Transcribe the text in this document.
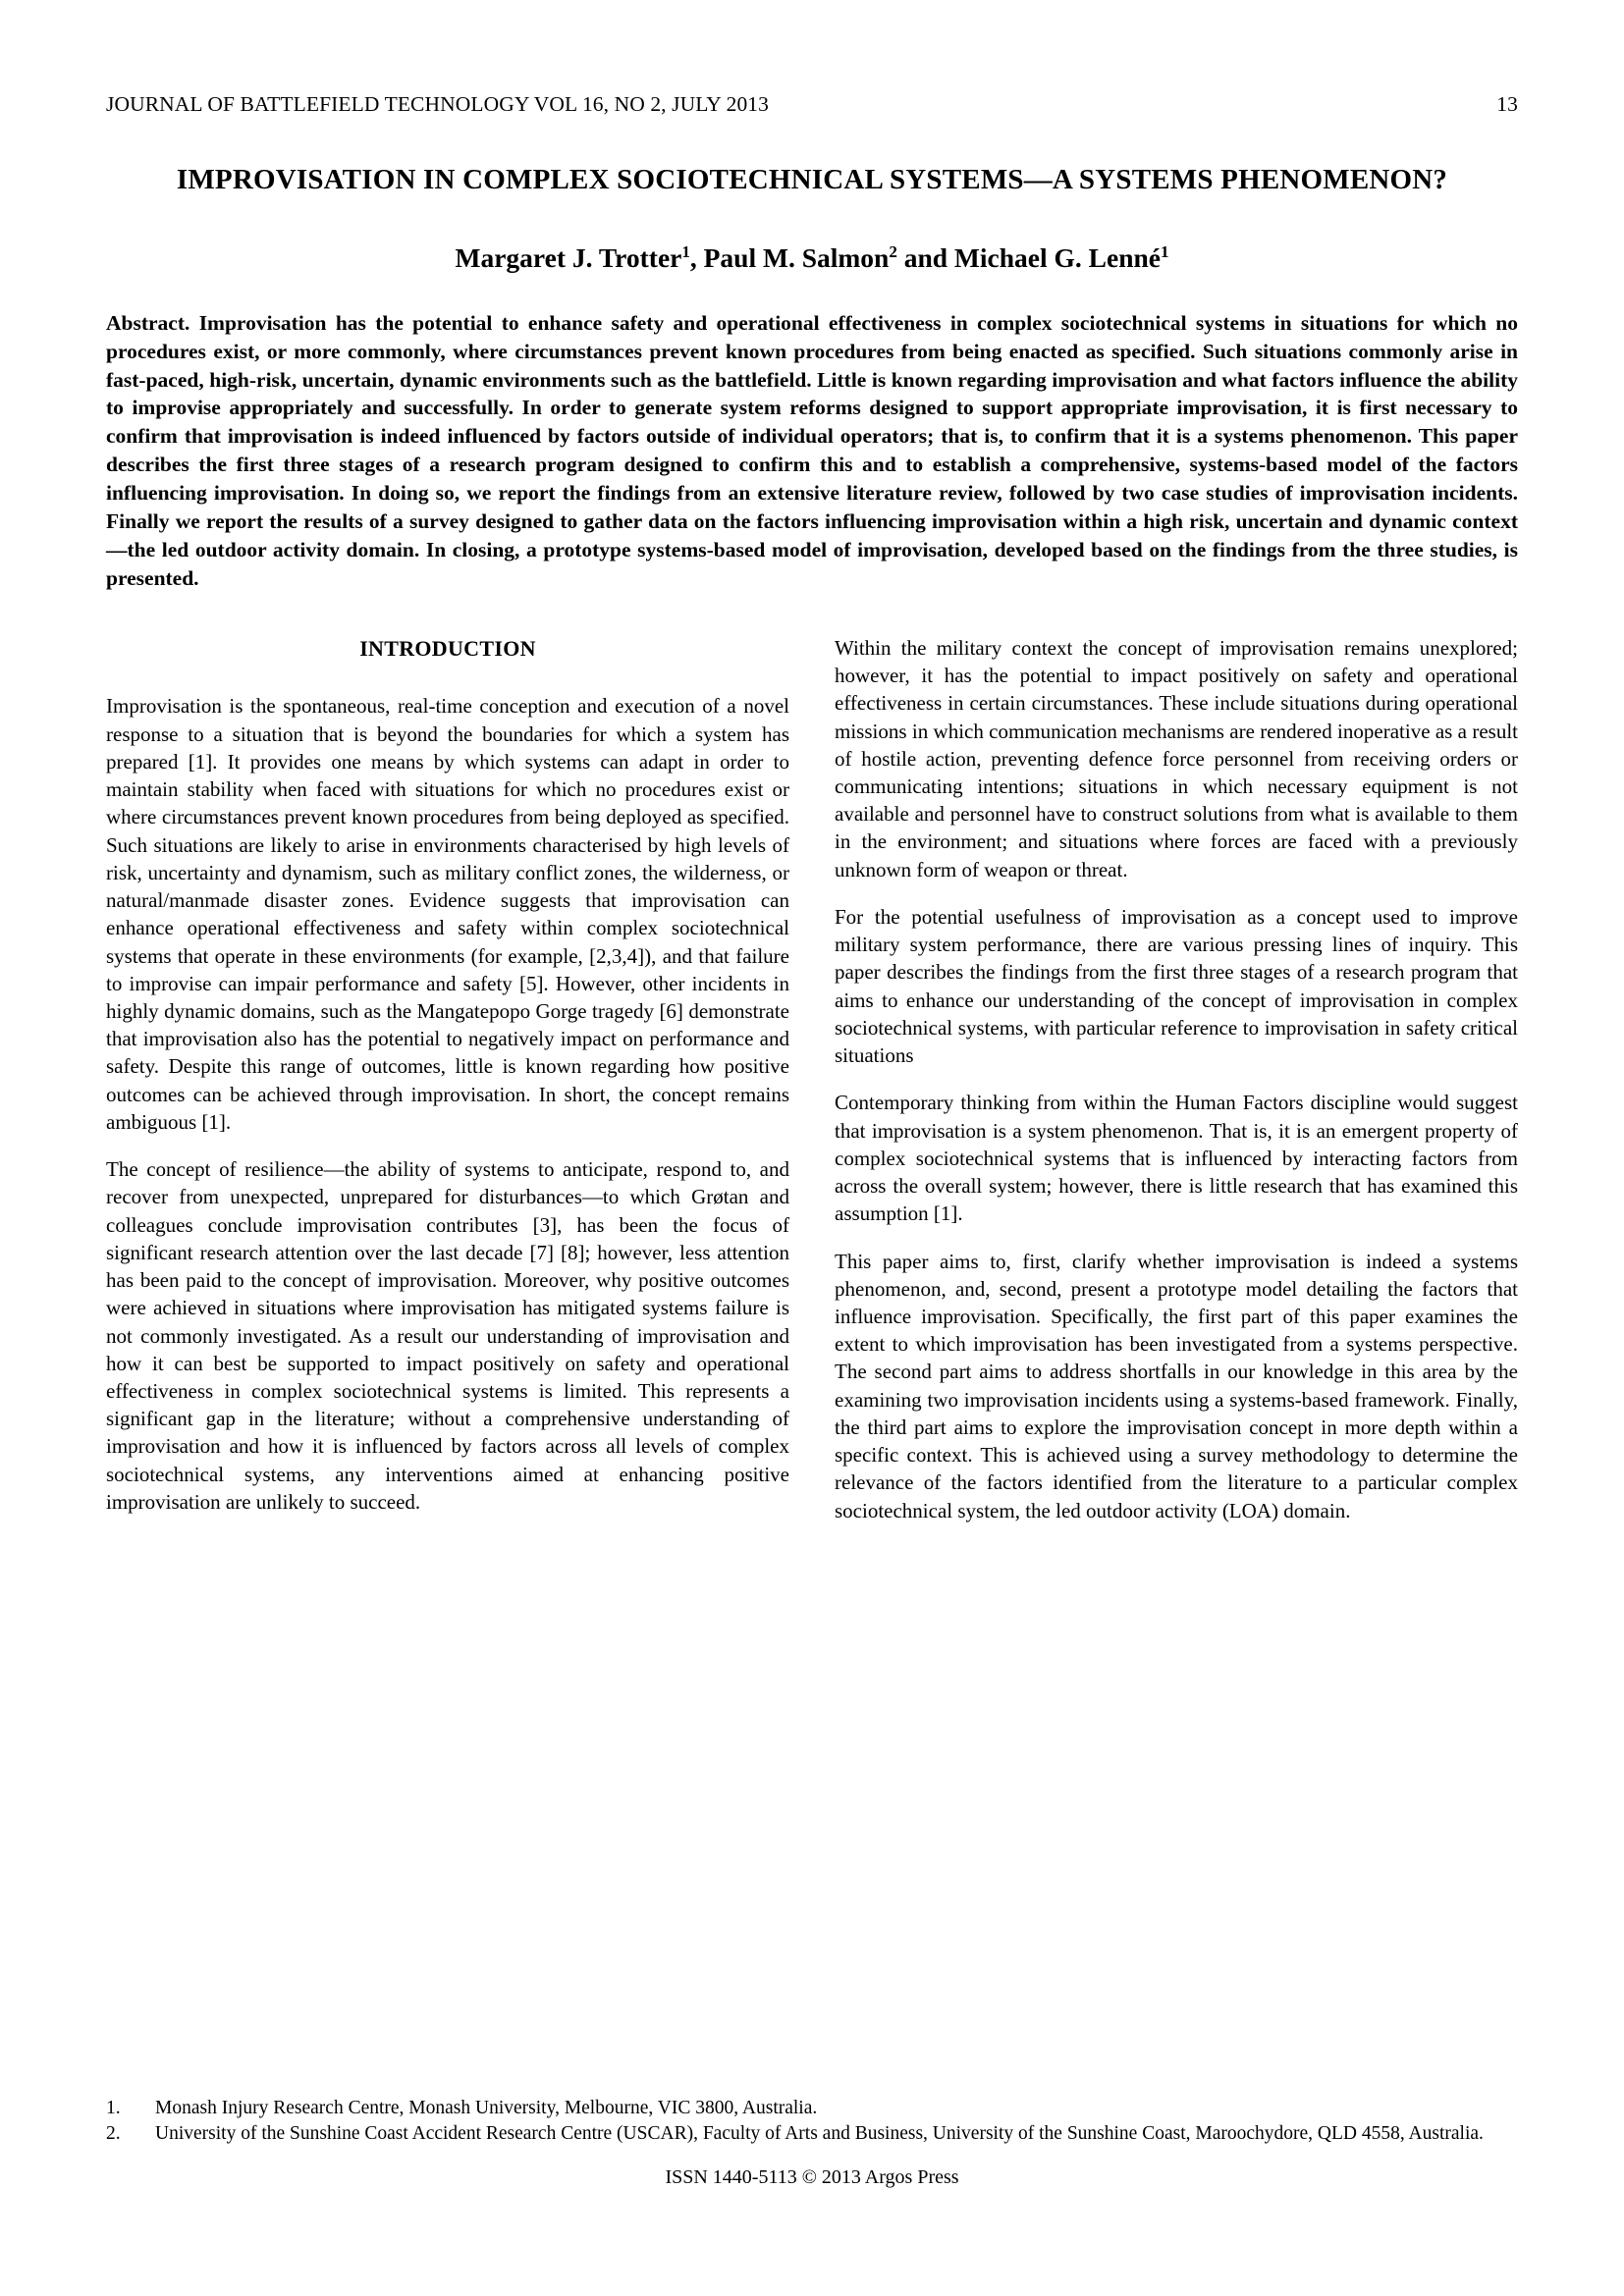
JOURNAL OF BATTLEFIELD TECHNOLOGY VOL 16, NO 2, JULY 2013	13
IMPROVISATION IN COMPLEX SOCIOTECHNICAL SYSTEMS—A SYSTEMS PHENOMENON?
Margaret J. Trotter$^1$, Paul M. Salmon$^2$ and Michael G. Lenné$^1$
Abstract. Improvisation has the potential to enhance safety and operational effectiveness in complex sociotechnical systems in situations for which no procedures exist, or more commonly, where circumstances prevent known procedures from being enacted as specified. Such situations commonly arise in fast-paced, high-risk, uncertain, dynamic environments such as the battlefield. Little is known regarding improvisation and what factors influence the ability to improvise appropriately and successfully. In order to generate system reforms designed to support appropriate improvisation, it is first necessary to confirm that improvisation is indeed influenced by factors outside of individual operators; that is, to confirm that it is a systems phenomenon. This paper describes the first three stages of a research program designed to confirm this and to establish a comprehensive, systems-based model of the factors influencing improvisation. In doing so, we report the findings from an extensive literature review, followed by two case studies of improvisation incidents. Finally we report the results of a survey designed to gather data on the factors influencing improvisation within a high risk, uncertain and dynamic context—the led outdoor activity domain. In closing, a prototype systems-based model of improvisation, developed based on the findings from the three studies, is presented.
INTRODUCTION

Improvisation is the spontaneous, real-time conception and execution of a novel response to a situation that is beyond the boundaries for which a system has prepared [1]. It provides one means by which systems can adapt in order to maintain stability when faced with situations for which no procedures exist or where circumstances prevent known procedures from being deployed as specified. Such situations are likely to arise in environments characterised by high levels of risk, uncertainty and dynamism, such as military conflict zones, the wilderness, or natural/manmade disaster zones. Evidence suggests that improvisation can enhance operational effectiveness and safety within complex sociotechnical systems that operate in these environments (for example, [2,3,4]), and that failure to improvise can impair performance and safety [5]. However, other incidents in highly dynamic domains, such as the Mangatepopo Gorge tragedy [6] demonstrate that improvisation also has the potential to negatively impact on performance and safety. Despite this range of outcomes, little is known regarding how positive outcomes can be achieved through improvisation. In short, the concept remains ambiguous [1].

The concept of resilience—the ability of systems to anticipate, respond to, and recover from unexpected, unprepared for disturbances—to which Grøtan and colleagues conclude improvisation contributes [3], has been the focus of significant research attention over the last decade [7] [8]; however, less attention has been paid to the concept of improvisation. Moreover, why positive outcomes were achieved in situations where improvisation has mitigated systems failure is not commonly investigated. As a result our understanding of improvisation and how it can best be supported to impact positively on safety and operational effectiveness in complex sociotechnical systems is limited. This represents a significant gap in the literature; without a comprehensive understanding of improvisation and how it is influenced by factors across all levels of complex sociotechnical systems, any interventions aimed at enhancing positive improvisation are unlikely to succeed.

Within the military context the concept of improvisation remains unexplored; however, it has the potential to impact positively on safety and operational effectiveness in certain circumstances. These include situations during operational missions in which communication mechanisms are rendered inoperative as a result of hostile action, preventing defence force personnel from receiving orders or communicating intentions; situations in which necessary equipment is not available and personnel have to construct solutions from what is available to them in the environment; and situations where forces are faced with a previously unknown form of weapon or threat.

For the potential usefulness of improvisation as a concept used to improve military system performance, there are various pressing lines of inquiry. This paper describes the findings from the first three stages of a research program that aims to enhance our understanding of the concept of improvisation in complex sociotechnical systems, with particular reference to improvisation in safety critical situations

Contemporary thinking from within the Human Factors discipline would suggest that improvisation is a system phenomenon. That is, it is an emergent property of complex sociotechnical systems that is influenced by interacting factors from across the overall system; however, there is little research that has examined this assumption [1].

This paper aims to, first, clarify whether improvisation is indeed a systems phenomenon, and, second, present a prototype model detailing the factors that influence improvisation. Specifically, the first part of this paper examines the extent to which improvisation has been investigated from a systems perspective. The second part aims to address shortfalls in our knowledge in this area by the examining two improvisation incidents using a systems-based framework. Finally, the third part aims to explore the improvisation concept in more depth within a specific context. This is achieved using a survey methodology to determine the relevance of the factors identified from the literature to a particular complex sociotechnical system, the led outdoor activity (LOA) domain.

1.	Monash Injury Research Centre, Monash University, Melbourne, VIC 3800, Australia.
2.	University of the Sunshine Coast Accident Research Centre (USCAR), Faculty of Arts and Business, University of the Sunshine Coast, Maroochydore, QLD 4558, Australia.
ISSN 1440-5113 © 2013 Argos Press
